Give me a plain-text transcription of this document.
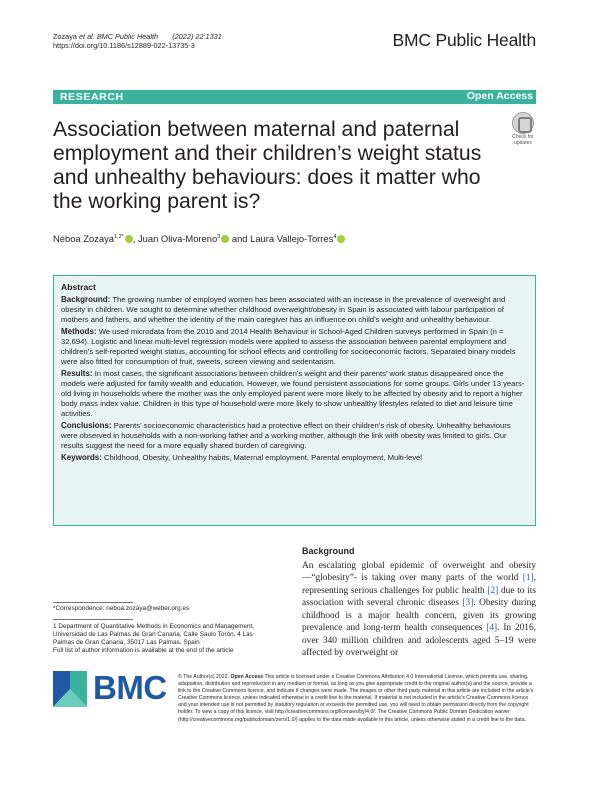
Zozaya et al. BMC Public Health (2022) 22:1331
https://doi.org/10.1186/s12889-022-13735-3	BMC Public Health
RESEARCH	Open Access
Association between maternal and paternal employment and their children’s weight status and unhealthy behaviours: does it matter who the working parent is?
Check for updates
Néboa Zozaya$^{1,2*}$ , Juan Oliva‑Moreno$^3$ and Laura Vallejo‑Torres$^4$
Abstract

Background: The growing number of employed women has been associated with an increase in the prevalence of overweight and obesity in children. We sought to determine whether childhood overweight/obesity in Spain is associated with labour participation of mothers and fathers, and whether the identity of the main caregiver has an influence on child’s weight and unhealthy behaviour.

Methods: We used microdata from the 2010 and 2014 Health Behaviour in School-Aged Children surveys performed in Spain (n = 32,694). Logistic and linear multi-level regression models were applied to assess the association between parental employment and children’s self-reported weight status, accounting for school effects and controlling for socioeconomic factors. Separated binary models were also fitted for consumption of fruit, sweets, screen viewing and sedentarism.

Results: In most cases, the significant associations between children’s weight and their parents’ work status disappeared once the models were adjusted for family wealth and education. However, we found persistent associations for some groups. Girls under 13 years-old living in households where the mother was the only employed parent were more likely to be affected by obesity and to report a higher body mass index value. Children in this type of household were more likely to show unhealthy lifestyles related to diet and leisure time activities.

Conclusions: Parents’ socioeconomic characteristics had a protective effect on their children’s risk of obesity. Unhealthy behaviours were observed in households with a non-working father and a working mother, although the link with obesity was limited to girls. Our results suggest the need for a more equally shared burden of caregiving.

Keywords: Childhood, Obesity, Unhealthy habits, Maternal employment, Parental employment, Multi-level

*Correspondence: neboa.zozaya@weber.org.es
1 Department of Quantitative Methods in Economics and Management, Universidad de Las Palmas de Gran Canaria, Calle Saulo Torón, 4 Las Palmas de Gran Canaria, 35017 Las Palmas, Spain
Full list of author information is available at the end of the article
Background

An escalating global epidemic of overweight and obesity—“globesity”- is taking over many parts of the world [1], representing serious challenges for public health [2] due to its association with several chronic diseases [3]. Obesity during childhood is a major health concern, given its growing prevalence and long-term health consequences [4]. In 2016, over 340 million children and adolescents aged 5–19 were affected by overweight or

BMC © The Author(s) 2022. Open Access This article is licensed under a Creative Commons Attribution 4.0 International License, which permits use, sharing, adaptation, distribution and reproduction in any medium or format, as long as you give appropriate credit to the original author(s) and the source, provide a link to the Creative Commons licence, and indicate if changes were made. The images or other third party material in this article are included in the article’s Creative Commons licence, unless indicated otherwise in a credit line to the material. If material is not included in the article’s Creative Commons licence and your intended use is not permitted by statutory regulation or exceeds the permitted use, you will need to obtain permission directly from the copyright holder. To view a copy of this licence, visit http://creativecommons.org/licenses/by/4.0/. The Creative Commons Public Domain Dedication waiver (http://creativecommons.org/publicdomain/zero/1.0/) applies to the data made available in this article, unless otherwise stated in a credit line to the data.
